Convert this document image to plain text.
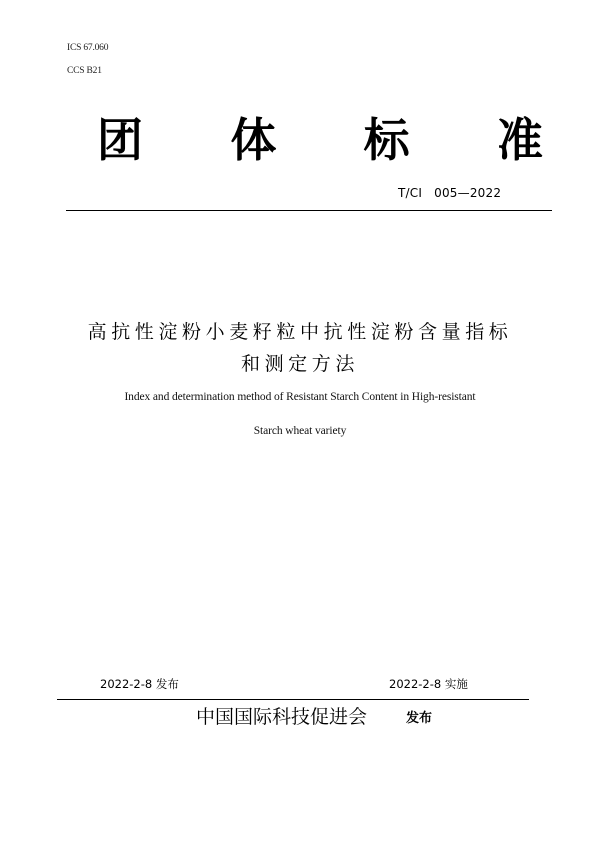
ICS 67.060
CCS B21
团 体 标 准
T/CI   005—2022
高抗性淀粉小麦籽粒中抗性淀粉含量指标
和测定方法
Index and determination method of Resistant Starch Content in High-resistant
Starch wheat variety
2022-2-8 发布	2022-2-8 实施
中国国际科技促进会	发布
